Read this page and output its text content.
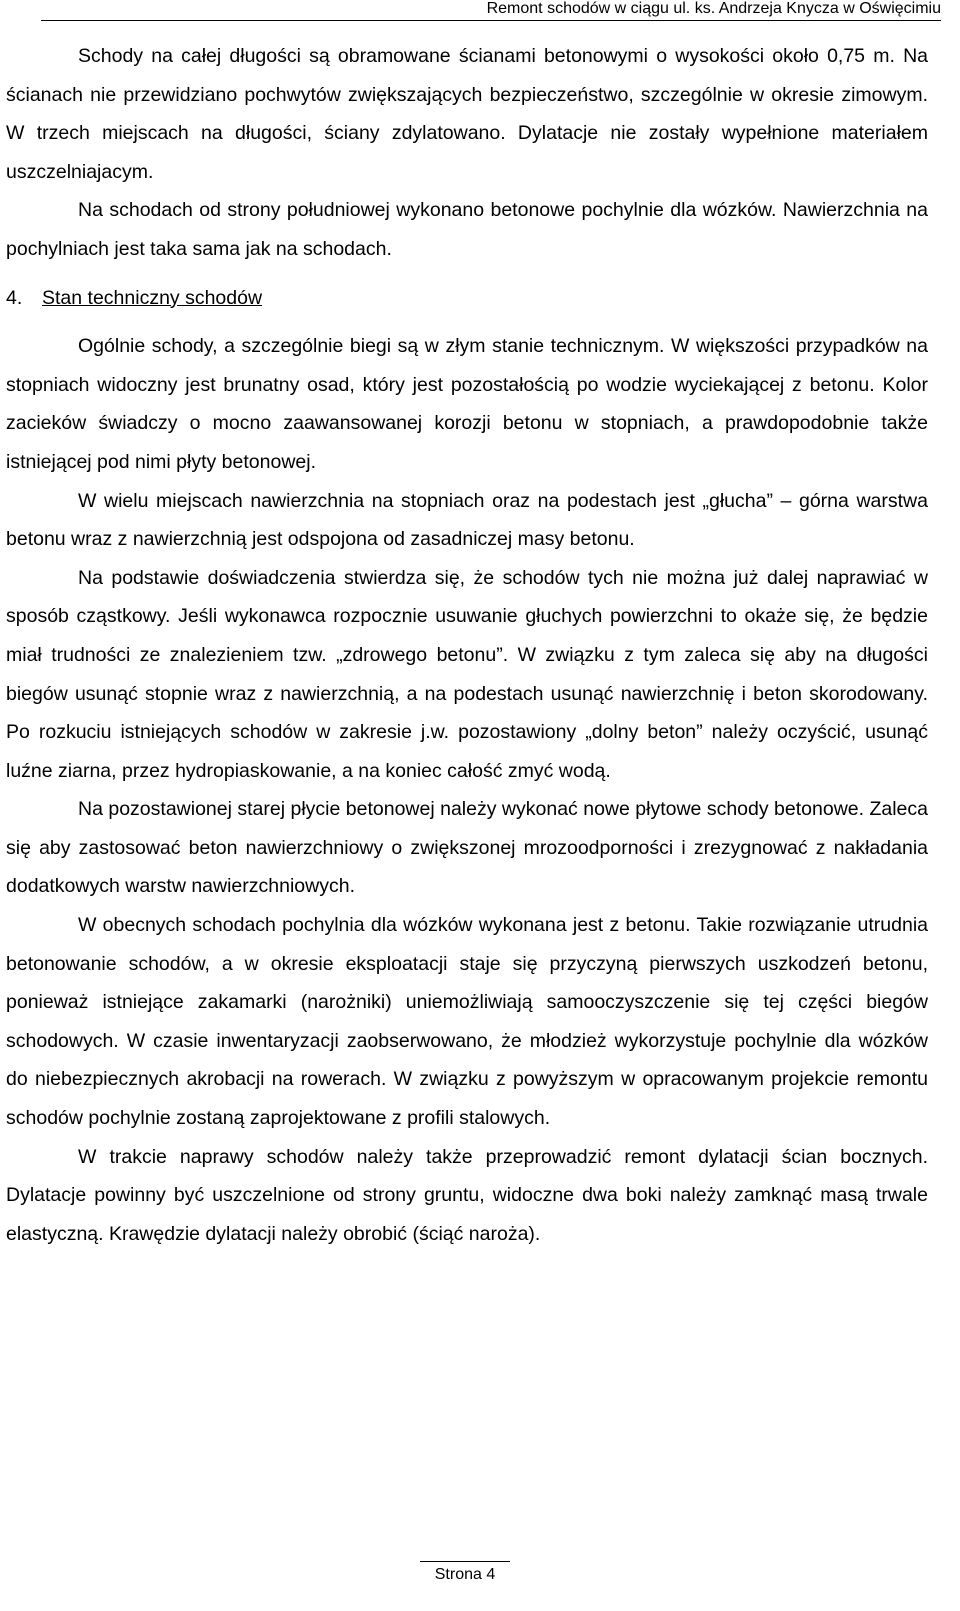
Remont schodów w ciągu ul. ks. Andrzeja Knycza w Oświęcimiu

Schody na całej długości są obramowane ścianami betonowymi o wysokości około 0,75 m. Na ścianach nie przewidziano pochwytów zwiększających bezpieczeństwo, szczególnie w okresie zimowym. W trzech miejscach na długości, ściany zdylatowano. Dylatacje nie zostały wypełnione materiałem uszczelniajacym.

Na schodach od strony południowej wykonano betonowe pochylnie dla wózków. Nawierzchnia na pochylniach jest taka sama jak na schodach.

4. Stan techniczny schodów

Ogólnie schody, a szczególnie biegi są w złym stanie technicznym. W większości przypadków na stopniach widoczny jest brunatny osad, który jest pozostałością po wodzie wyciekającej z betonu. Kolor zacieków świadczy o mocno zaawansowanej korozji betonu w stopniach, a prawdopodobnie także istniejącej pod nimi płyty betonowej.

W wielu miejscach nawierzchnia na stopniach oraz na podestach jest „głucha” – górna warstwa betonu wraz z nawierzchnią jest odspojona od zasadniczej masy betonu.

Na podstawie doświadczenia stwierdza się, że schodów tych nie można już dalej naprawiać w sposób cząstkowy. Jeśli wykonawca rozpocznie usuwanie głuchych powierzchni to okaże się, że będzie miał trudności ze znalezieniem tzw. „zdrowego betonu”. W związku z tym zaleca się aby na długości biegów usunąć stopnie wraz z nawierzchnią, a na podestach usunąć nawierzchnię i beton skorodowany. Po rozkuciu istniejących schodów w zakresie j.w. pozostawiony „dolny beton” należy oczyścić, usunąć luźne ziarna, przez hydropiaskowanie, a na koniec całość zmyć wodą.

Na pozostawionej starej płycie betonowej należy wykonać nowe płytowe schody betonowe. Zaleca się aby zastosować beton nawierzchniowy o zwiększonej mrozoodporności i zrezygnować z nakładania dodatkowych warstw nawierzchniowych.

W obecnych schodach pochylnia dla wózków wykonana jest z betonu. Takie rozwiązanie utrudnia betonowanie schodów, a w okresie eksploatacji staje się przyczyną pierwszych uszkodzeń betonu, ponieważ istniejące zakamarki (narożniki) uniemożliwiają samooczyszczenie się tej części biegów schodowych. W czasie inwentaryzacji zaobserwowano, że młodzież wykorzystuje pochylnie dla wózków do niebezpiecznych akrobacji na rowerach. W związku z powyższym w opracowanym projekcie remontu schodów pochylnie zostaną zaprojektowane z profili stalowych.

W trakcie naprawy schodów należy także przeprowadzić remont dylatacji ścian bocznych. Dylatacje powinny być uszczelnione od strony gruntu, widoczne dwa boki należy zamknąć masą trwale elastyczną. Krawędzie dylatacji należy obrobić (ściąć naroża).

Strona 4
